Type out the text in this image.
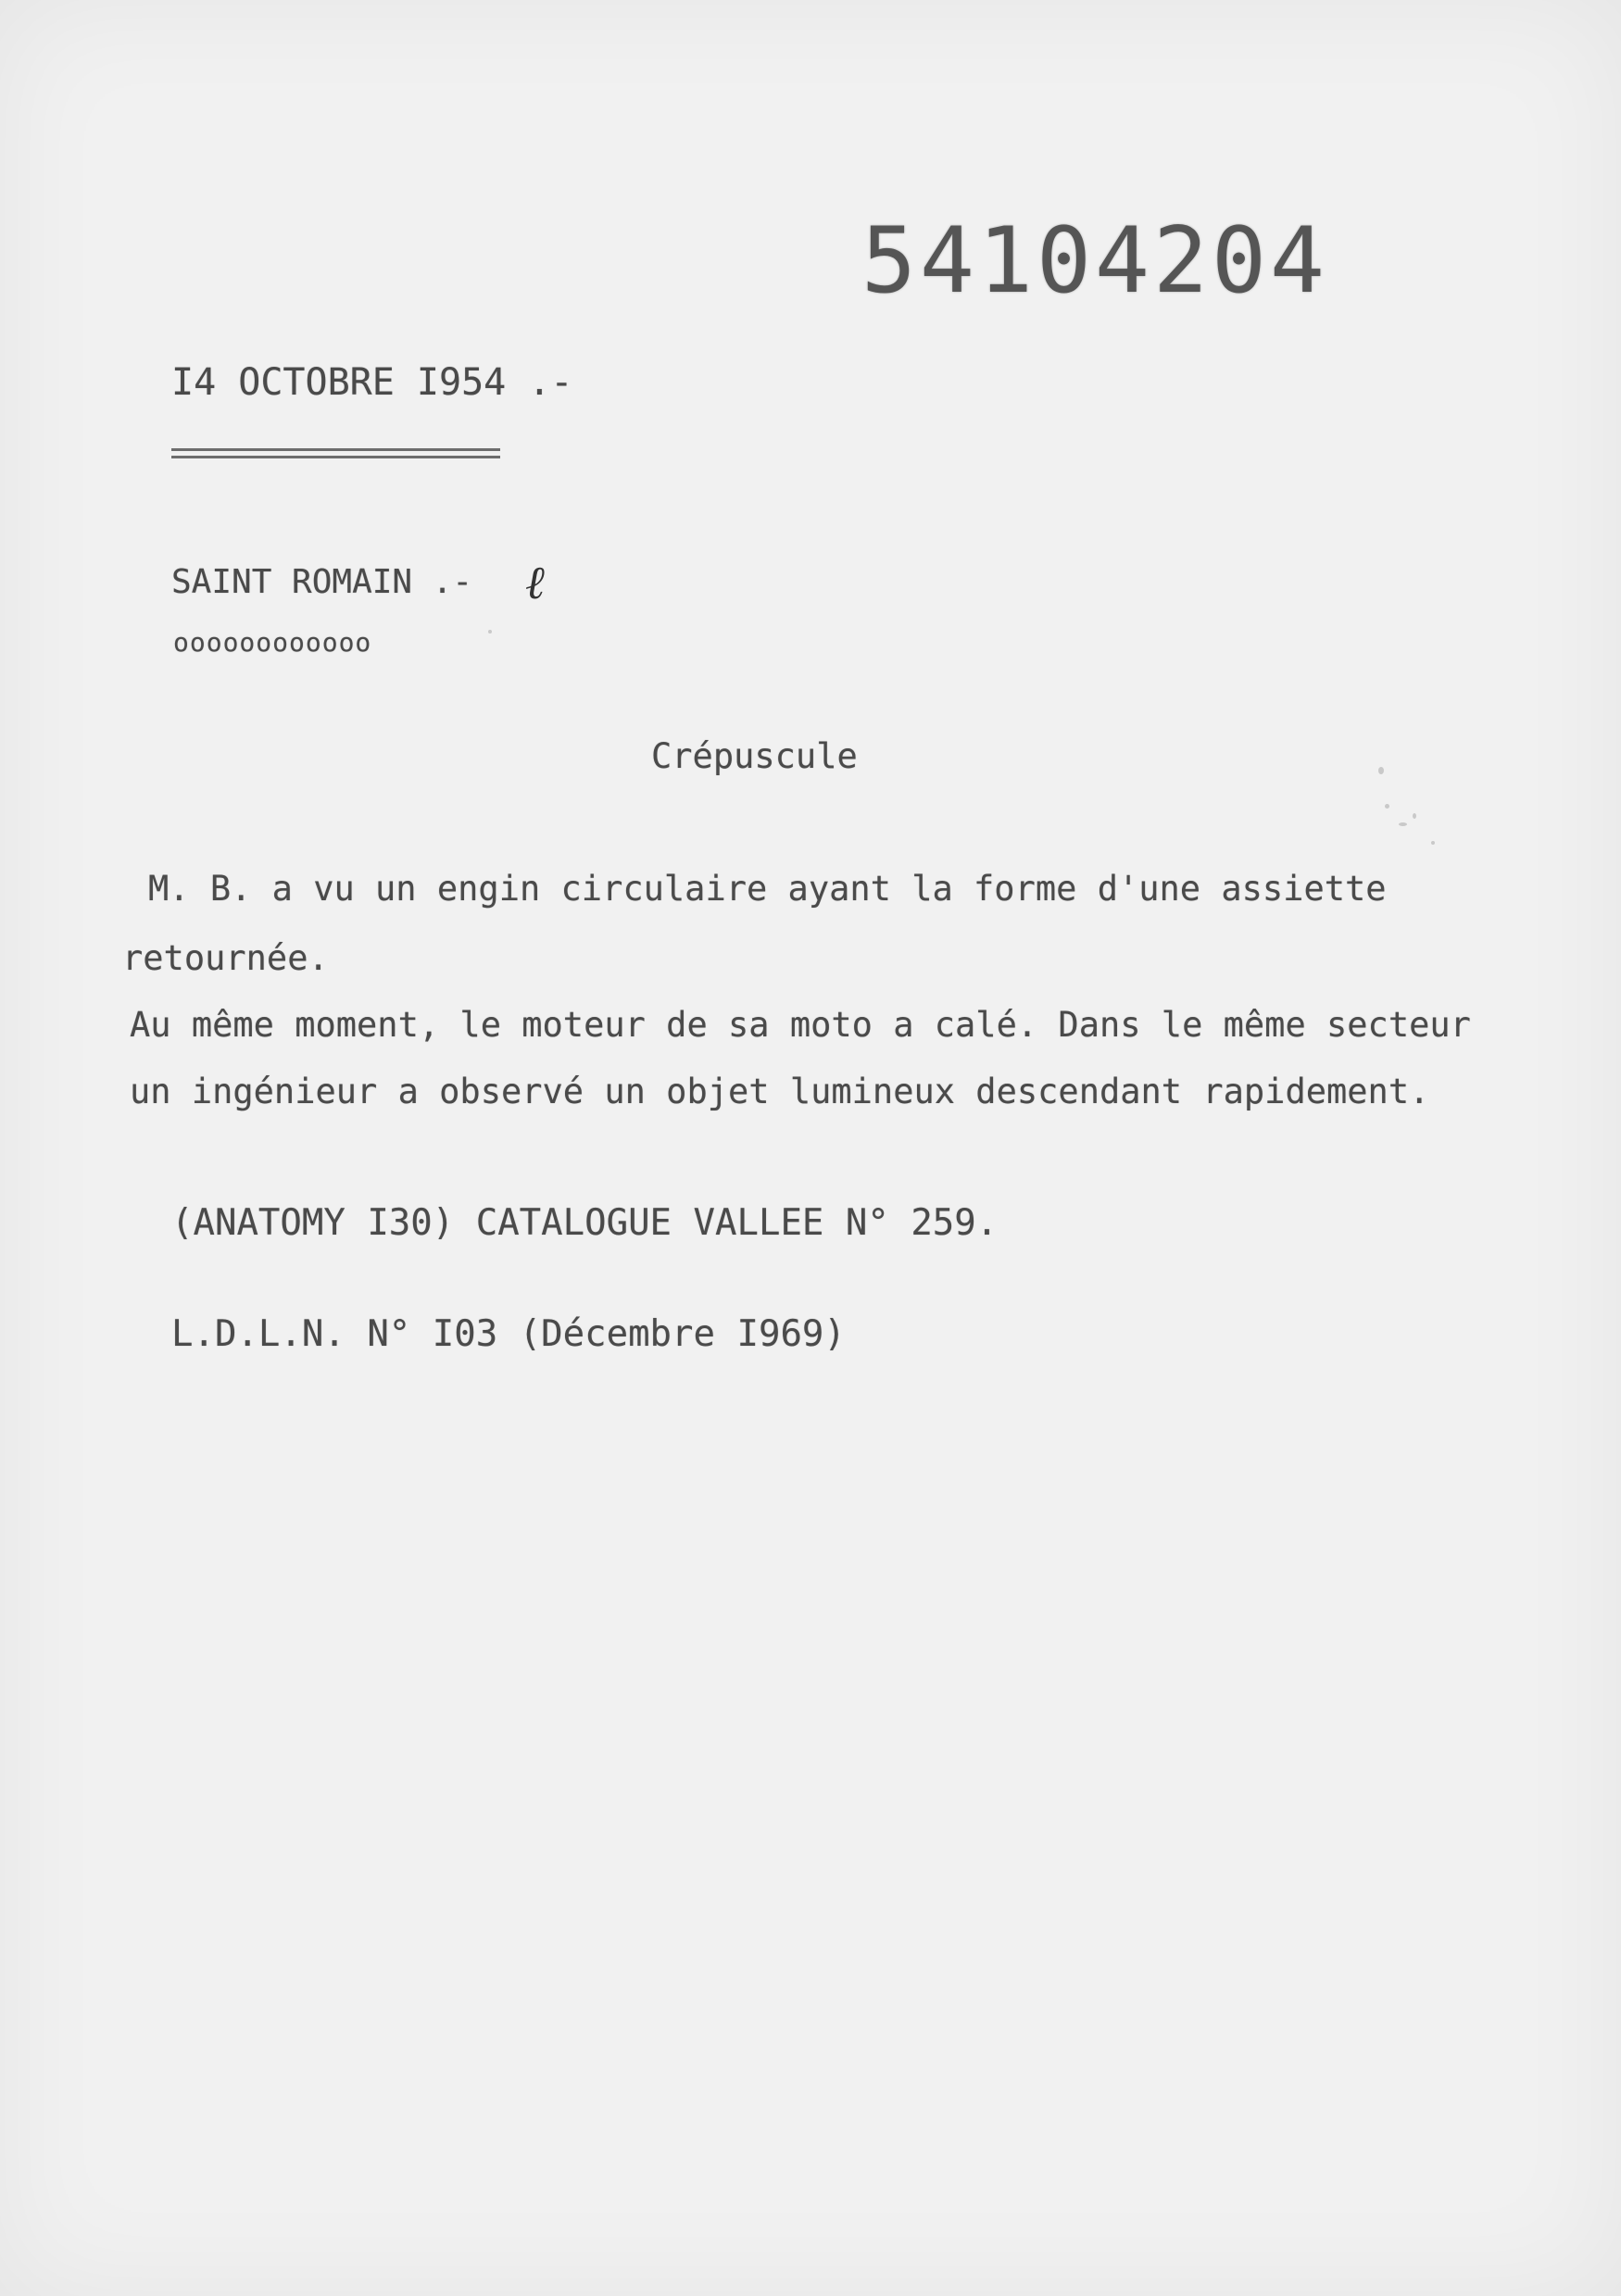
54104204
I4 OCTOBRE I954 .-
SAINT ROMAIN .- ℓ
oooooooooooo
Crépuscule
M. B. a vu un engin circulaire ayant la forme d'une assiette
retournée.
Au même moment, le moteur de sa moto a calé. Dans le même secteur
un ingénieur a observé un objet lumineux descendant rapidement.
(ANATOMY I30) CATALOGUE VALLEE N° 259.
L.D.L.N. N° I03 (Décembre I969)
